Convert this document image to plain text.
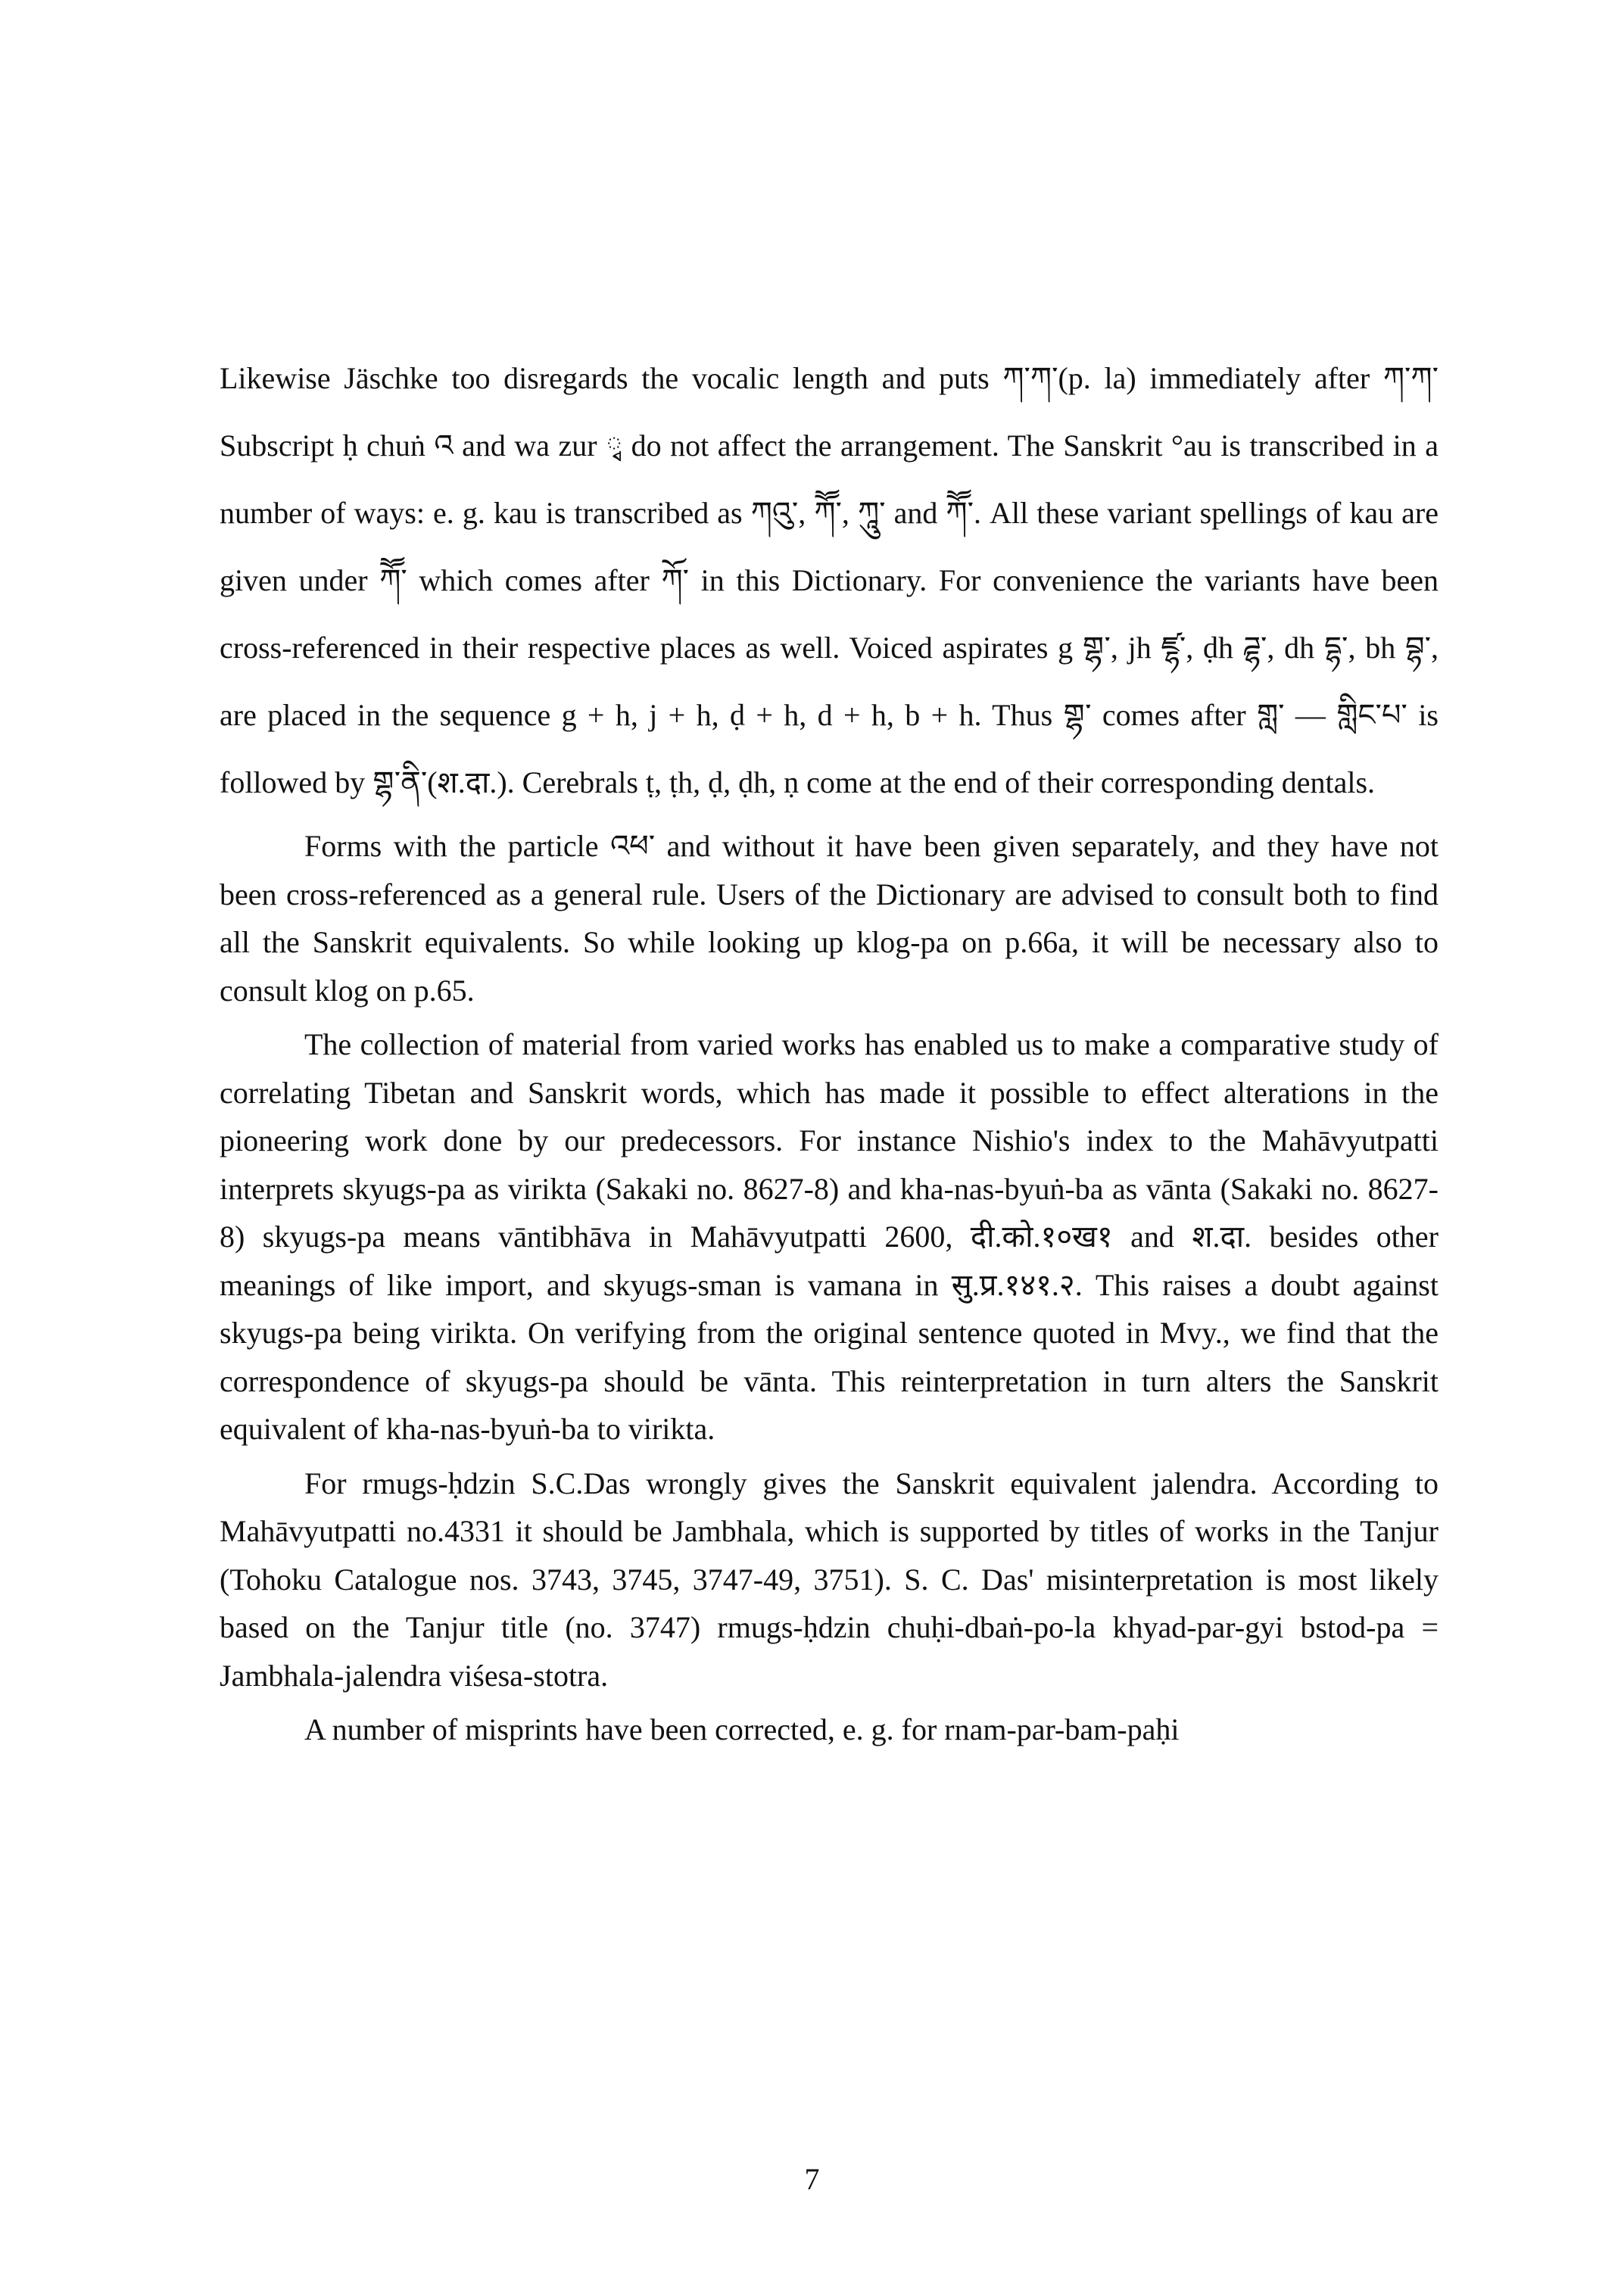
Likewise Jäschke too disregards the vocalic length and puts ཀ་ཀ་(p. la) immediately after ཀ་ཀ་ Subscript ḥ chuṅ འ and wa zur ྭ do not affect the arrangement. The Sanskrit °au is transcribed in a number of ways: e. g. kau is transcribed as ཀའུ་, ཀཽ་, ཀཱུ་ and ཀཽ་. All these variant spellings of kau are given under ཀཽ་ which comes after ཀོ་ in this Dictionary. For convenience the variants have been cross-referenced in their respective places as well. Voiced aspirates g གྷ་, jh ཛྷ་, ḍh ཌྷ་, dh དྷ་, bh བྷ་, are placed in the sequence g + h, j + h, ḍ + h, d + h, b + h. Thus གྷ་ comes after གླ་ — གླིང་པ་ is followed by གྷ་ནི་(श.दा.). Cerebrals ṭ, ṭh, ḍ, ḍh, ṇ come at the end of their corresponding dentals.

Forms with the particle འཕ་ and without it have been given separately, and they have not been cross-referenced as a general rule. Users of the Dictionary are advised to consult both to find all the Sanskrit equivalents. So while looking up klog-pa on p.66a, it will be necessary also to consult klog on p.65.

The collection of material from varied works has enabled us to make a comparative study of correlating Tibetan and Sanskrit words, which has made it possible to effect alterations in the pioneering work done by our predecessors. For instance Nishio's index to the Mahāvyutpatti interprets skyugs-pa as virikta (Sakaki no. 8627-8) and kha-nas-byuṅ-ba as vānta (Sakaki no. 8627-8) skyugs-pa means vāntibhāva in Mahāvyutpatti 2600, दी.को.१०ख१ and श.दा. besides other meanings of like import, and skyugs-sman is vamana in सु.प्र.१४१.२. This raises a doubt against skyugs-pa being virikta. On verifying from the original sentence quoted in Mvy., we find that the correspondence of skyugs-pa should be vānta. This reinterpretation in turn alters the Sanskrit equivalent of kha-nas-byuṅ-ba to virikta.

For rmugs-ḥdzin S.C.Das wrongly gives the Sanskrit equivalent jalendra. According to Mahāvyutpatti no.4331 it should be Jambhala, which is supported by titles of works in the Tanjur (Tohoku Catalogue nos. 3743, 3745, 3747-49, 3751). S. C. Das' misinterpretation is most likely based on the Tanjur title (no. 3747) rmugs-ḥdzin chuḥi-dbaṅ-po-la khyad-par-gyi bstod-pa = Jambhala-jalendra viśesa-stotra.

A number of misprints have been corrected, e. g. for rnam-par-bam-paḥi

7
